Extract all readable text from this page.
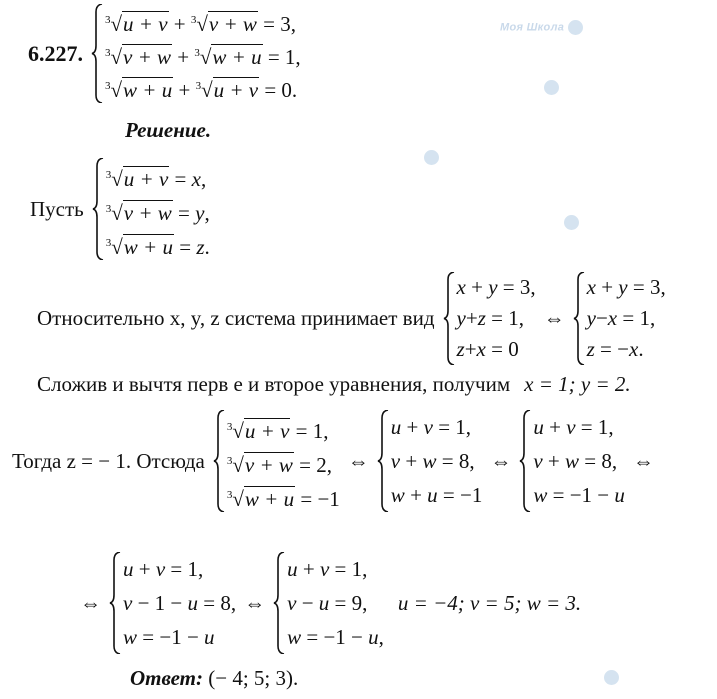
Моя Школа
6.227.
$^3$√u + v + $^3$√v + w = 3,
$^3$√v + w + $^3$√w + u = 1,
$^3$√w + u + $^3$√u + v = 0.
Решение.
Пусть
$^3$√u + v = x,
$^3$√v + w = y,
$^3$√w + u = z.
Относительно x, y, z система принимает вид
x + y = 3,
y+z = 1,
z+x = 0
⇔
x + y = 3,
y−x = 1,
z = −x.
Сложив и вычтя перв е и второе уравнения, получим x = 1; y = 2.
Тогда z = − 1. Отсюда
$^3$√u + v = 1,
$^3$√v + w = 2,
$^3$√w + u = −1
⇔
u + v = 1,
v + w = 8,
w + u = −1
⇔
u + v = 1,
v + w = 8,
w = −1 − u
⇔
⇔
u + v = 1,
v − 1 − u = 8,
w = −1 − u
⇔
u + v = 1,
v − u = 9,
w = −1 − u,
u = −4; v = 5; w = 3.
Ответ: (− 4; 5; 3).
